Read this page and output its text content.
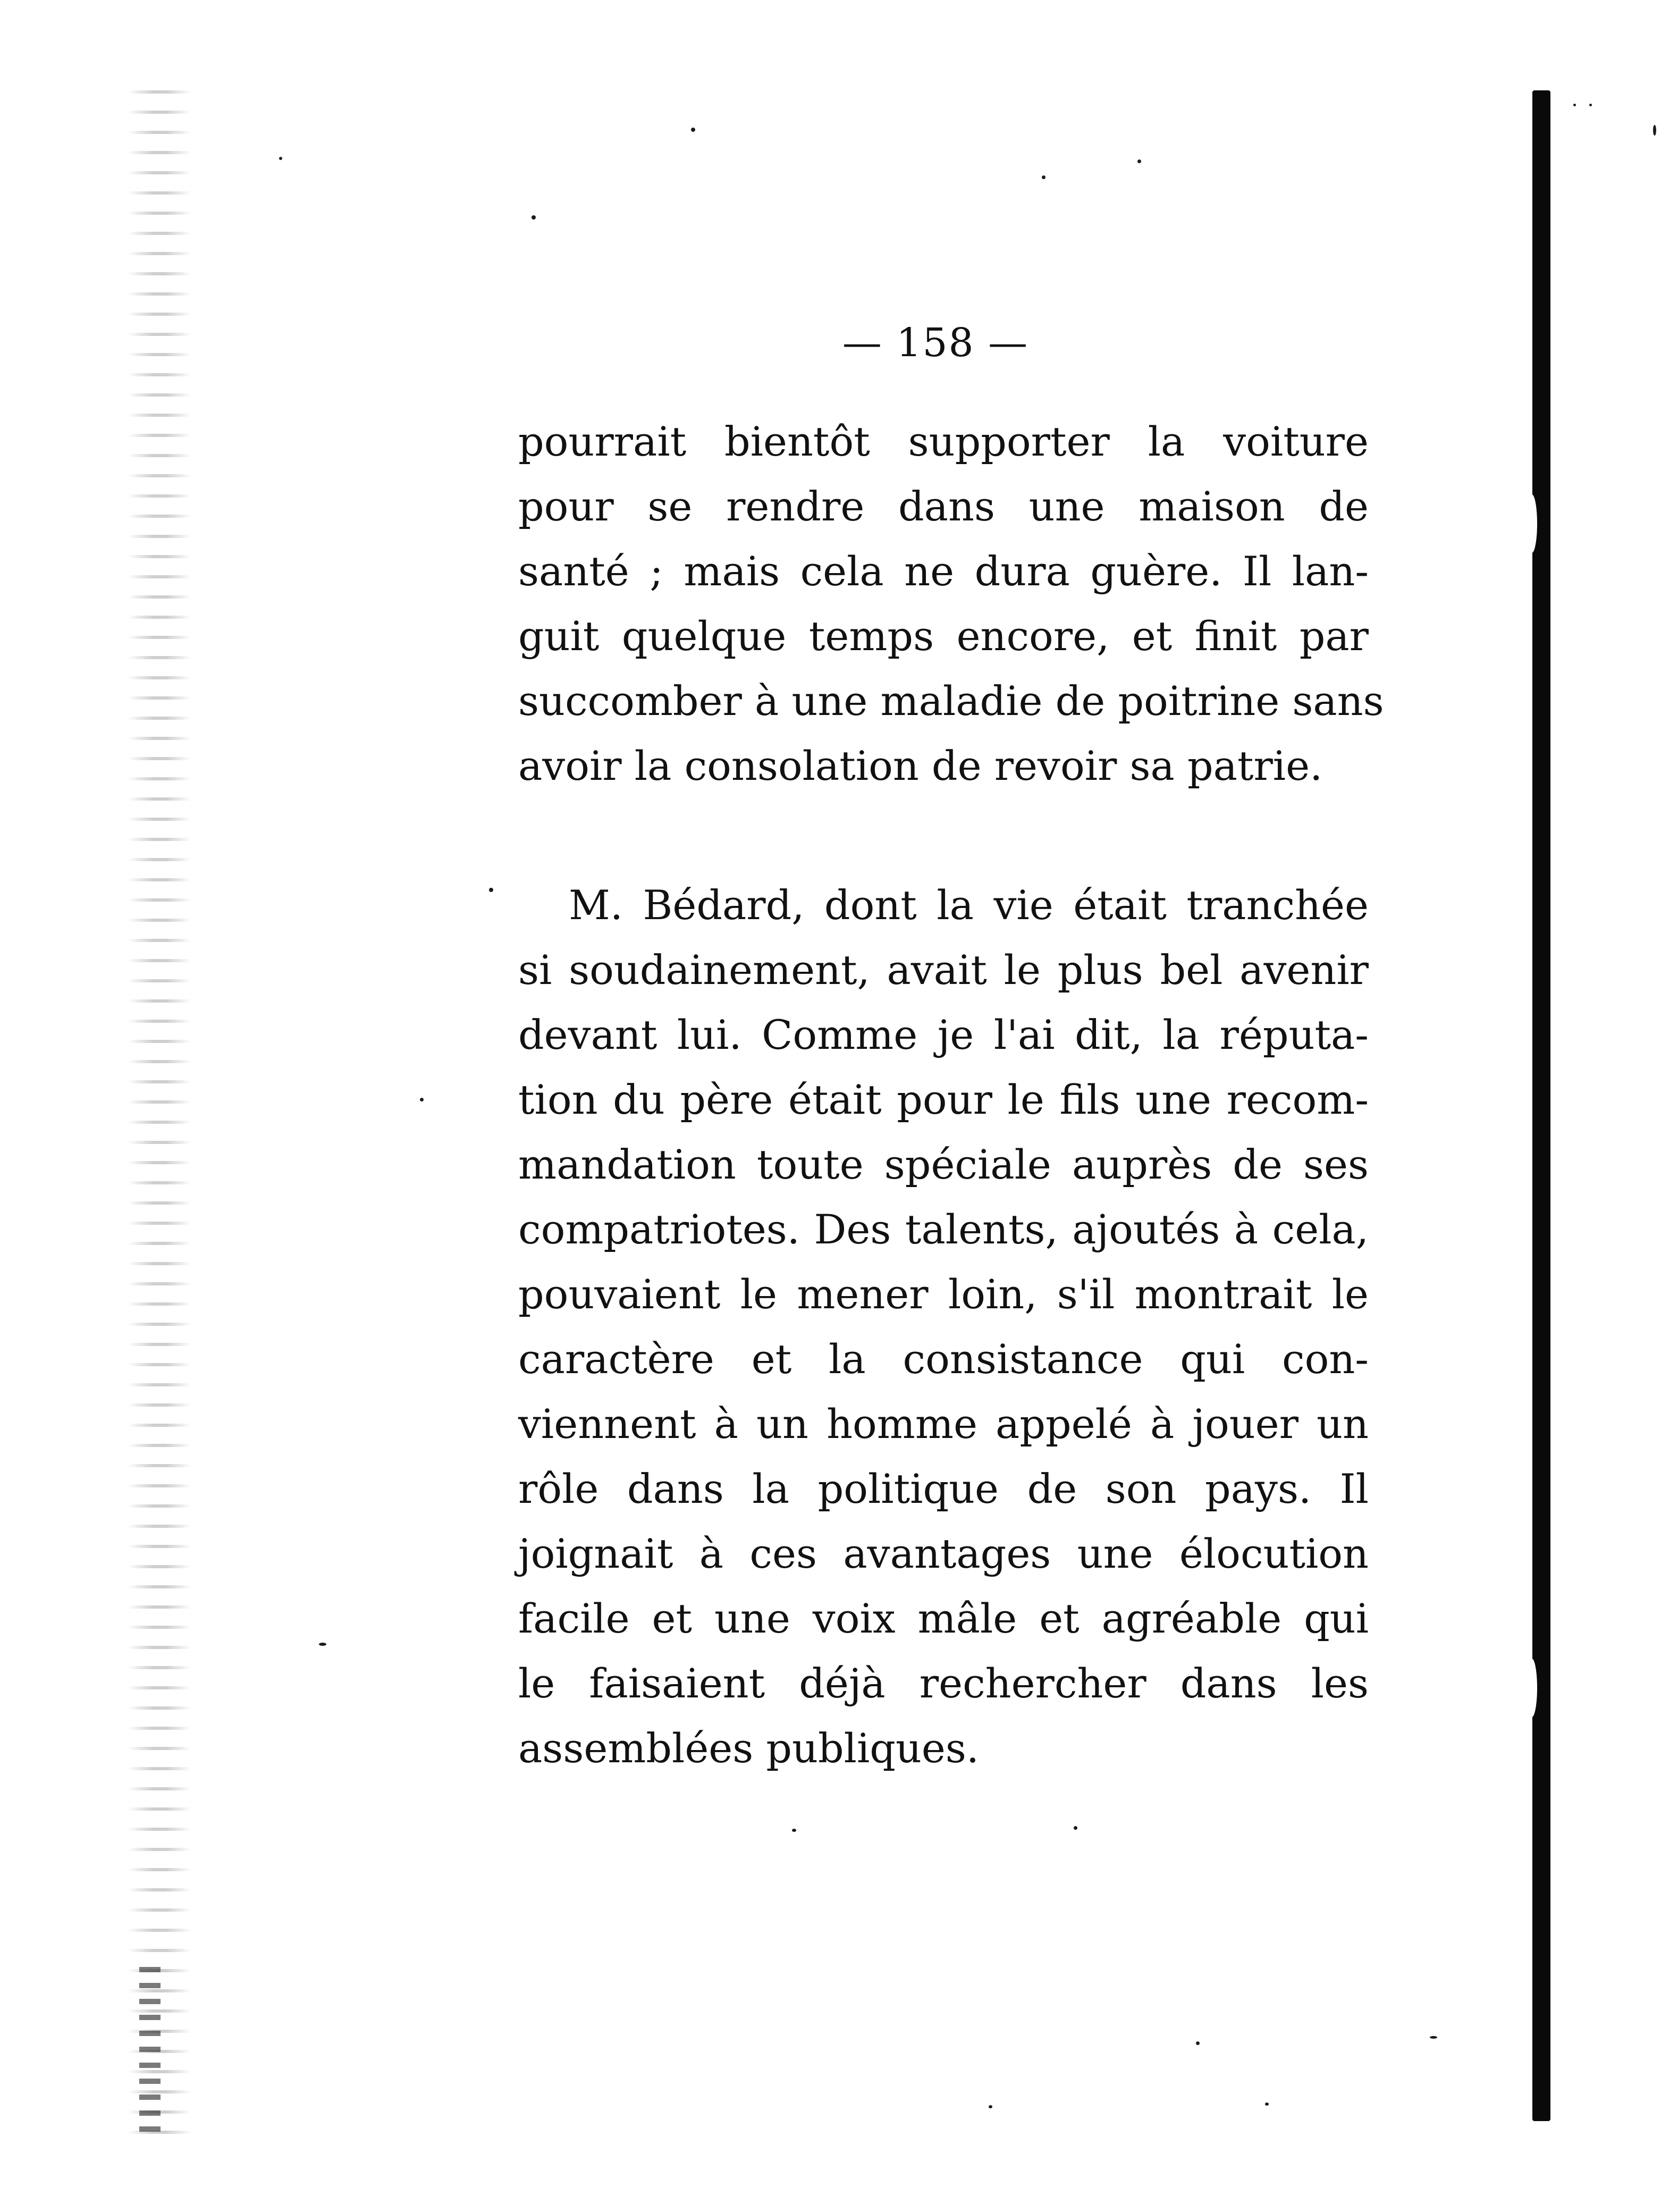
— 158 —

pourrait bientôt supporter la voiture
pour se rendre dans une maison de
santé ; mais cela ne dura guère. Il lan-
guit quelque temps encore, et finit par
succomber à une maladie de poitrine sans
avoir la consolation de revoir sa patrie.

M. Bédard, dont la vie était tranchée
si soudainement, avait le plus bel avenir
devant lui. Comme je l'ai dit, la réputa-
tion du père était pour le fils une recom-
mandation toute spéciale auprès de ses
compatriotes. Des talents, ajoutés à cela,
pouvaient le mener loin, s'il montrait le
caractère et la consistance qui con-
viennent à un homme appelé à jouer un
rôle dans la politique de son pays. Il
joignait à ces avantages une élocution
facile et une voix mâle et agréable qui
le faisaient déjà rechercher dans les
assemblées publiques.
